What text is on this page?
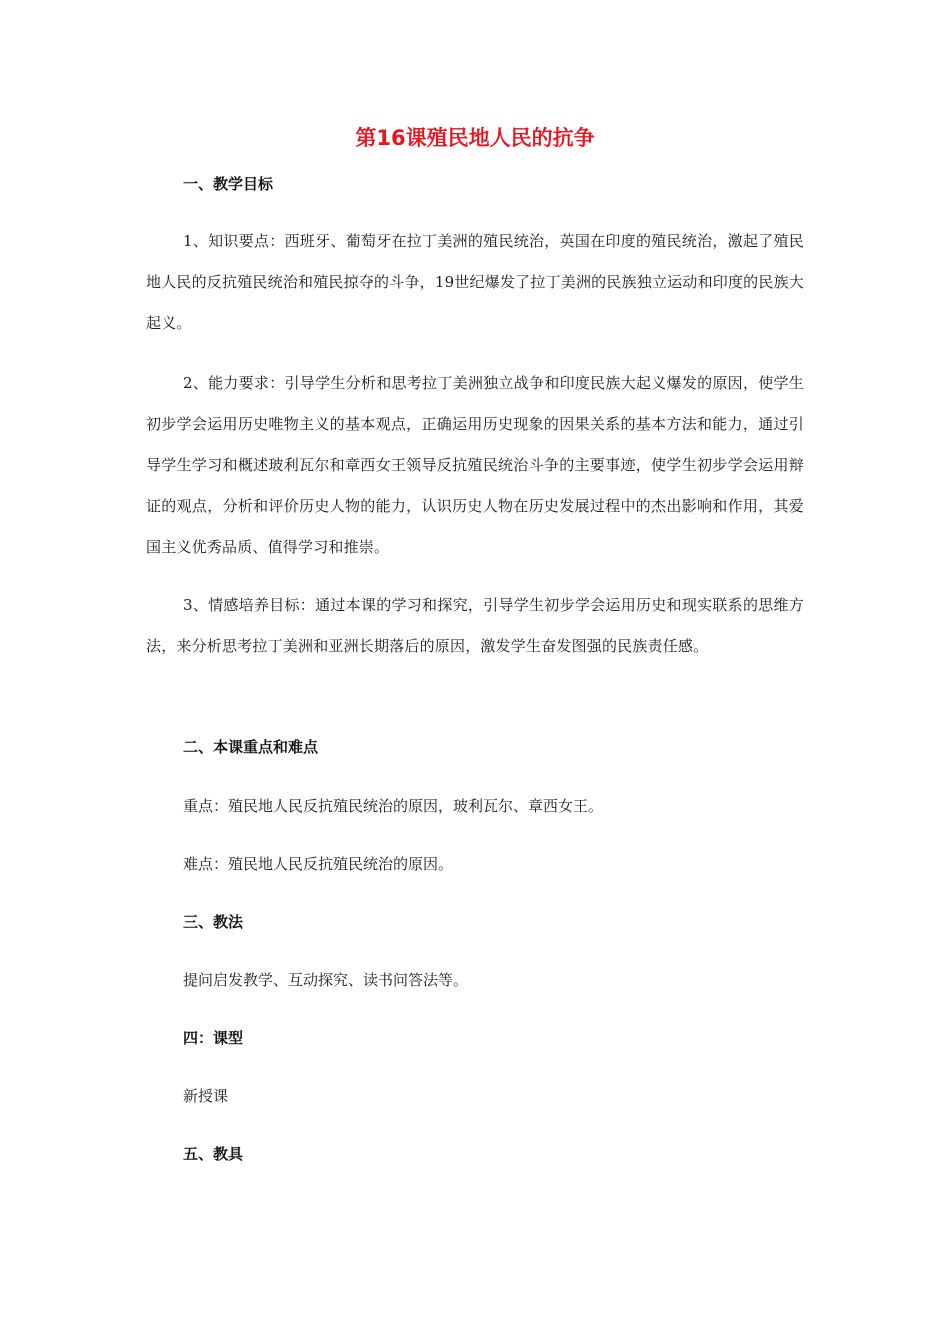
第16课殖民地人民的抗争
一、教学目标
1、知识要点：西班牙、葡萄牙在拉丁美洲的殖民统治，英国在印度的殖民统治，激起了殖民地人民的反抗殖民统治和殖民掠夺的斗争，19世纪爆发了拉丁美洲的民族独立运动和印度的民族大起义。
2、能力要求：引导学生分析和思考拉丁美洲独立战争和印度民族大起义爆发的原因，使学生初步学会运用历史唯物主义的基本观点，正确运用历史现象的因果关系的基本方法和能力，通过引导学生学习和概述玻利瓦尔和章西女王领导反抗殖民统治斗争的主要事迹，使学生初步学会运用辩证的观点，分析和评价历史人物的能力，认识历史人物在历史发展过程中的杰出影响和作用，其爱国主义优秀品质、值得学习和推崇。
3、情感培养目标：通过本课的学习和探究，引导学生初步学会运用历史和现实联系的思维方法，来分析思考拉丁美洲和亚洲长期落后的原因，激发学生奋发图强的民族责任感。
二、本课重点和难点
重点：殖民地人民反抗殖民统治的原因，玻利瓦尔、章西女王。
难点：殖民地人民反抗殖民统治的原因。
三、教法
提问启发教学、互动探究、读书问答法等。
四：课型
新授课
五、教具
